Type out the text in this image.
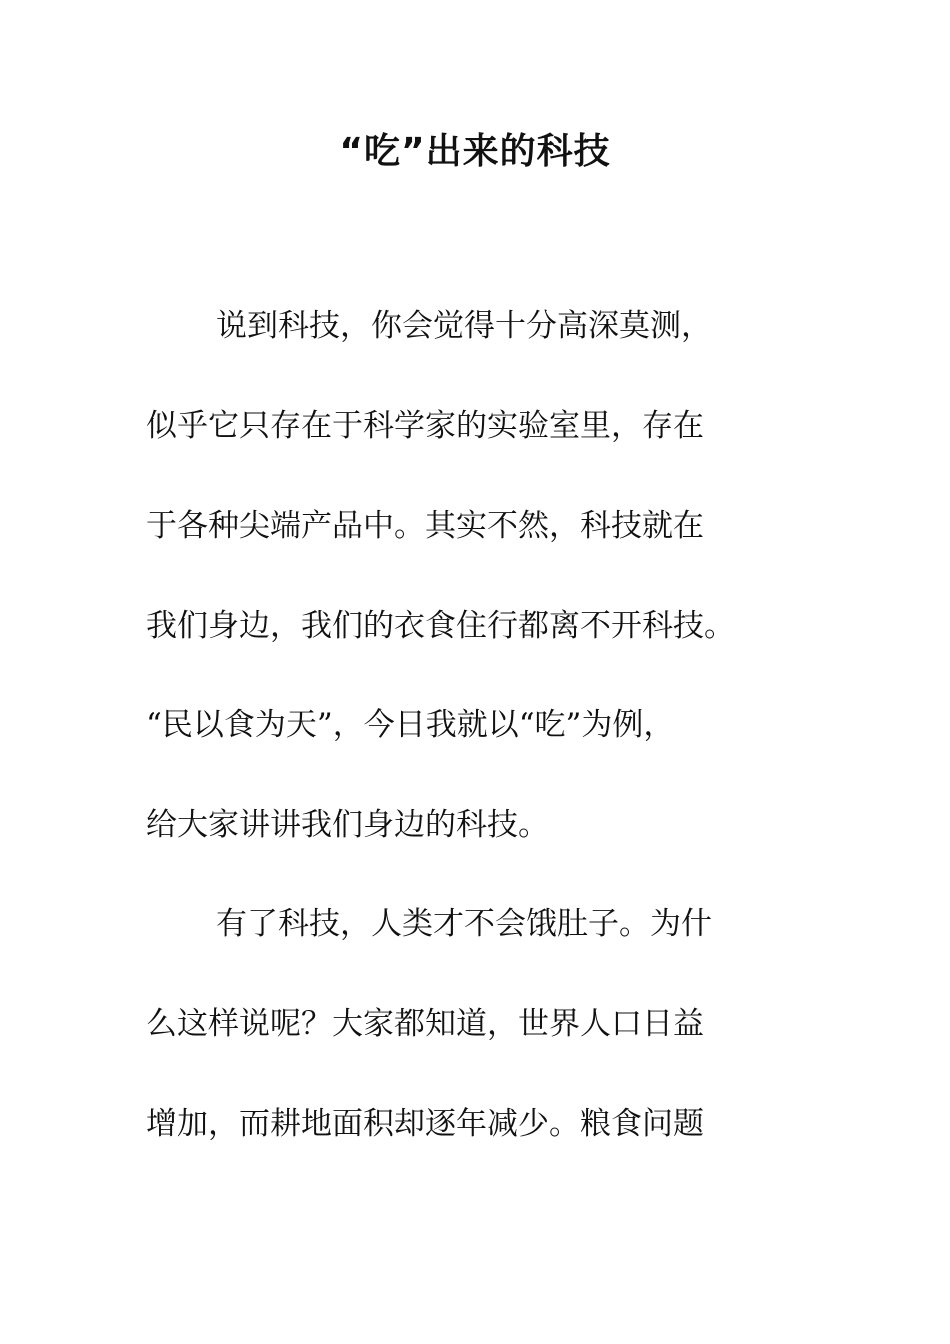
“吃”出来的科技

说到科技，你会觉得十分高深莫测，

似乎它只存在于科学家的实验室里，存在

于各种尖端产品中。其实不然，科技就在

我们身边，我们的衣食住行都离不开科技。

“民以食为天”，今日我就以“吃”为例，

给大家讲讲我们身边的科技。

有了科技，人类才不会饿肚子。为什

么这样说呢？大家都知道，世界人口日益

增加，而耕地面积却逐年减少。粮食问题
